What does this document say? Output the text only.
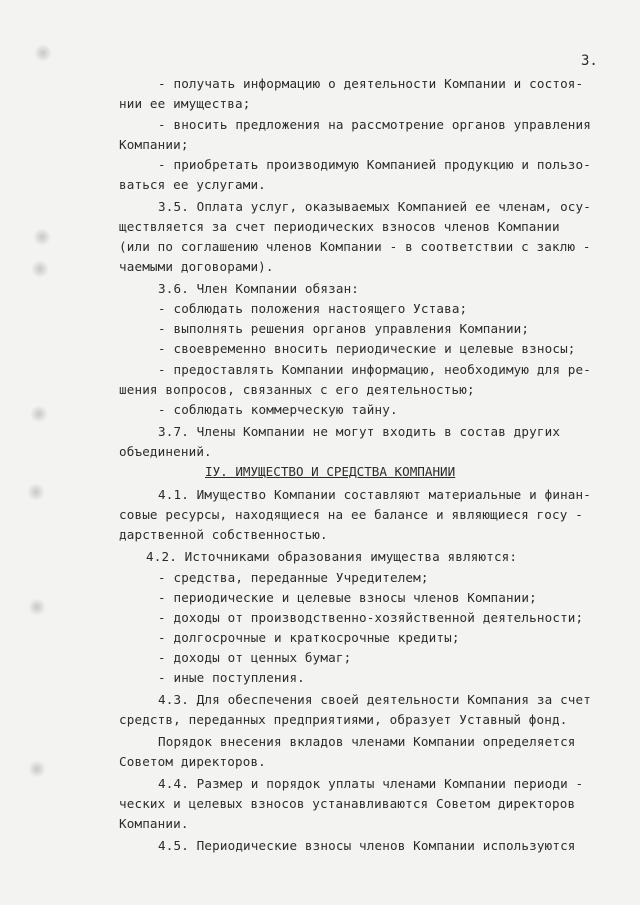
3.
- получать информацию о деятельности Компании и состоя-
нии ее имущества;
- вносить предложения на рассмотрение органов управления
Компании;
- приобретать производимую Компанией продукцию и пользо-
ваться ее услугами.
3.5. Оплата услуг, оказываемых Компанией ее членам, осу-
ществляется за счет периодических взносов членов Компании
(или по соглашению членов Компании - в соответствии с заклю -
чаемыми договорами).
3.6. Член Компании обязан:
- соблюдать положения настоящего Устава;
- выполнять решения органов управления Компании;
- своевременно вносить периодические и целевые взносы;
- предоставлять Компании информацию, необходимую для ре-
шения вопросов, связанных с его деятельностью;
- соблюдать коммерческую тайну.
3.7. Члены Компании не могут входить в состав других
объединений.
IУ. ИМУЩЕСТВО И СРЕДСТВА КОМПАНИИ
4.1. Имущество Компании составляют материальные и финан-
совые ресурсы, находящиеся на ее балансе и являющиеся госу -
дарственной собственностью.
4.2. Источниками образования имущества являются:
- средства, переданные Учредителем;
- периодические и целевые взносы членов Компании;
- доходы от производственно-хозяйственной деятельности;
- долгосрочные и краткосрочные кредиты;
- доходы от ценных бумаг;
- иные поступления.
4.3. Для обеспечения своей деятельности Компания за счет
средств, переданных предприятиями, образует Уставный фонд.
Порядок внесения вкладов членами Компании определяется
Советом директоров.
4.4. Размер и порядок уплаты членами Компании периоди -
ческих и целевых взносов устанавливаются Советом директоров
Компании.
4.5. Периодические взносы членов Компании используются
